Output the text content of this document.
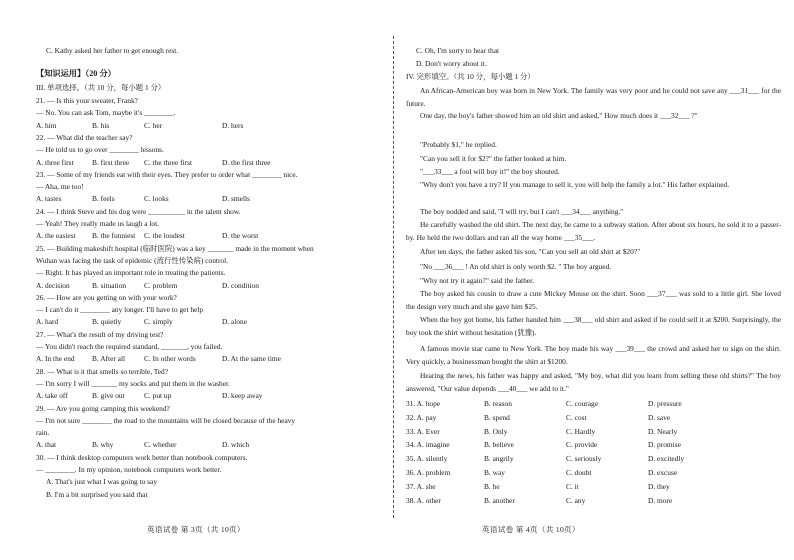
C. Kathy asked her father to get enough rest.
【知识运用】（20 分）
III. 单项选择。（共 10 分，每小题 1 分）
21. — Is this your sweater, Frank?
— No. You can ask Tom, maybe it's ________.
A. him	B. his	C. her	D. hers
22. — What did the teacher say?
— He told us to go over ________ lessons.
A. three first B. first three C. the three first	D. the first three
23. — Some of my friends eat with their eyes. They prefer to order what ________ nice.
— Aha, me too!
A. tastes	B. feels	C. looks	D. smells
24. — I think Steve and his dog were __________ in the talent show.
— Yeah! They really made us laugh a lot.
A. the easiest B. the funniest C. the loudest	D. the worst
25. — Building makeshift hospital (临时医院) was a key _______ made in the moment when
Wuhan was facing the task of epidemic (流行性传染病) control.
— Right. It has played an important role in treating the patients.
A. decision	B. situation C. problem	D. condition
26. — How are you getting on with your work?
— I can't do it ________ any longer. I'll have to get help
A. hard	B. quietly	C. simply	D. alone
27. — What's the result of my driving test?
— You didn't reach the required standard, _______, you failed.
A. In the end B. After all	C. In other words	D. At the same time
28. — What is it that smells so terrible, Ted?
— I'm sorry I will _______ my socks and put them in the washer.
A. take off	B. give out	C. put up	D. keep away
29. — Are you going camping this weekend?
— I'm not sure ________ the road to the mountains will be closed because of the heavy
rain.
A. that	B. why	C. whether	D. which
30. — I think desktop computers work better than notebook computers.
— ________. In my opinion, notebook computers work better.
A. That's just what I was going to say
B. I'm a bit surprised you said that
英语试卷 第 3页（共 10页）
C. Oh, I'm sorry to hear that
D. Don't worry about it.
IV. 完形填空。（共 10 分，每小题 1 分）
An African-American boy was born in New York. The family was very poor and he could not save any ___31___ for the future.
One day, the boy's father showed him an old shirt and asked," How much does it ___32___ ?"
"Probably $1," he replied.
"Can you sell it for $2?" the father looked at him.
"___33___ a fool will buy it!" the boy shouted.
"Why don't you have a try? If you manage to sell it, you will help the family a lot." His father explained.
The boy nodded and said, "I will try, but I can't ___34___ anything."
He carefully washed the old shirt. The next day, he came to a subway station. After about six hours, he sold it to a passer-by. He held the two dollars and ran all the way home ___35___.
After ten days, the father asked his son, "Can you sell an old shirt at $20?"
"No ___36___ ! An old shirt is only worth $2. " The boy argued.
"Why not try it again?" said the father.
The boy asked his cousin to draw a cute Mickey Mouse on the shirt. Soon ___37___ was sold to a little girl. She loved the design very much and she gave him $25.
When the boy got home, his father handed him ___38___ old shirt and asked if he could sell it at $200. Surprisingly, the boy took the shirt without hesitation (犹豫).
A famous movie star came to New York. The boy made his way ___39___ the crowd and asked her to sign on the shirt. Very quickly, a businessman bought the shirt at $1200.
Hearing the news, his father was happy and asked, "My boy, what did you learn from selling these old shirts?" The boy answered, "Our value depends ___40___ we add to it."
31. A. hope	B. reason	C. courage	D. pressure
32. A. pay	B. spend	C. cost	D. save
33. A. Ever	B. Only	C. Hardly	D. Nearly
34. A. imagine	B. believe	C. provide	D. promise
35. A. silently	B. angrily	C. seriously	D. excitedly
36. A. problem	B. way	C. doubt	D. excuse
37. A. she	B. he	C. it	D. they
38. A. other	B. another	C. any	D. more
英语试卷 第 4页（共 10页）
